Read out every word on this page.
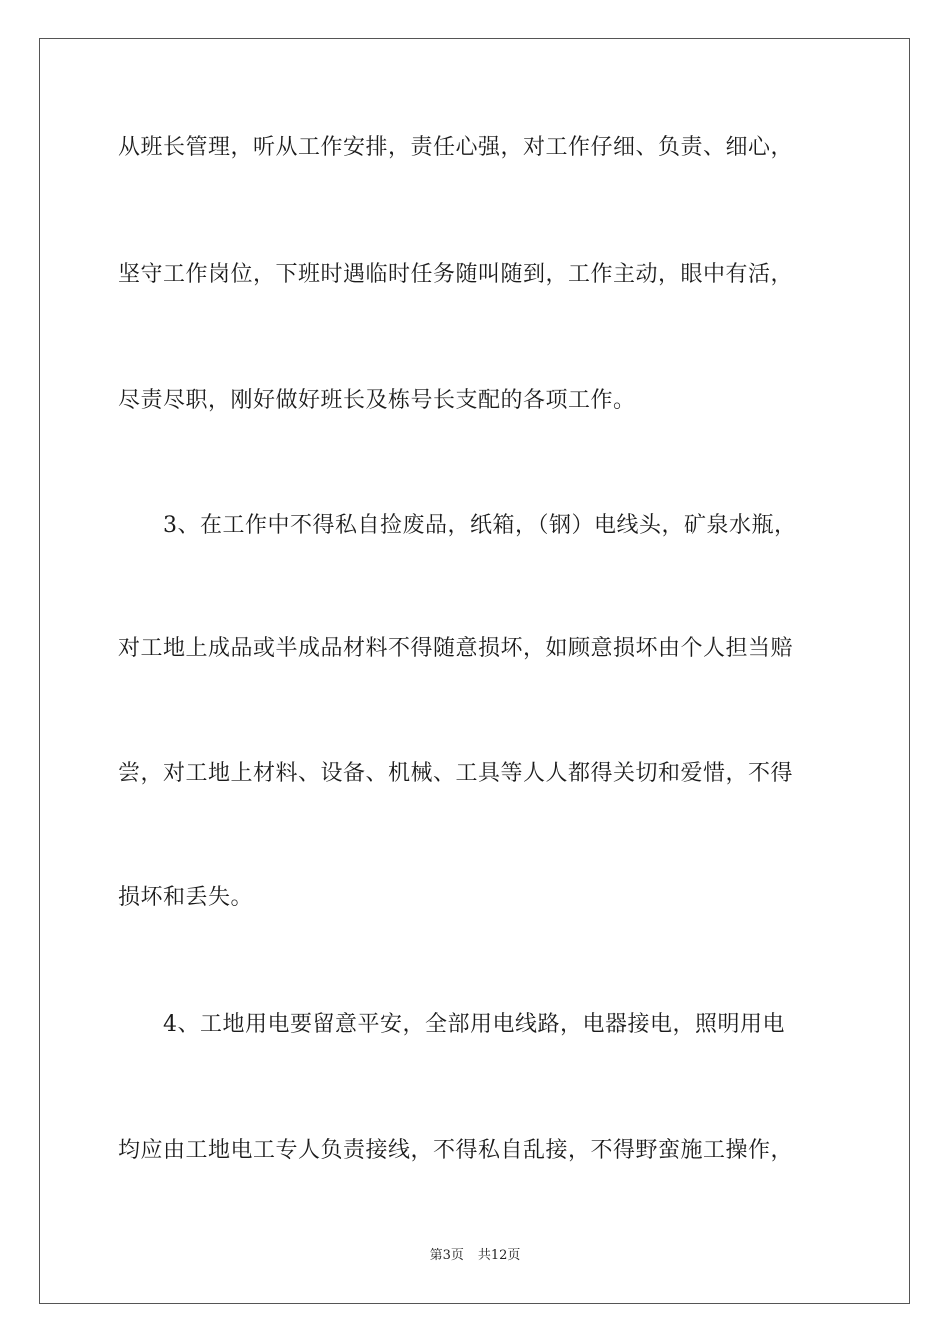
从班长管理，听从工作安排，责任心强，对工作仔细、负责、细心，
坚守工作岗位，下班时遇临时任务随叫随到，工作主动，眼中有活，
尽责尽职，刚好做好班长及栋号长支配的各项工作。
3、在工作中不得私自捡废品，纸箱，（钢）电线头，矿泉水瓶，
对工地上成品或半成品材料不得随意损坏，如顾意损坏由个人担当赔
尝，对工地上材料、设备、机械、工具等人人都得关切和爱惜，不得
损坏和丢失。
4、工地用电要留意平安，全部用电线路，电器接电，照明用电
均应由工地电工专人负责接线，不得私自乱接，不得野蛮施工操作，
第3页 共12页
